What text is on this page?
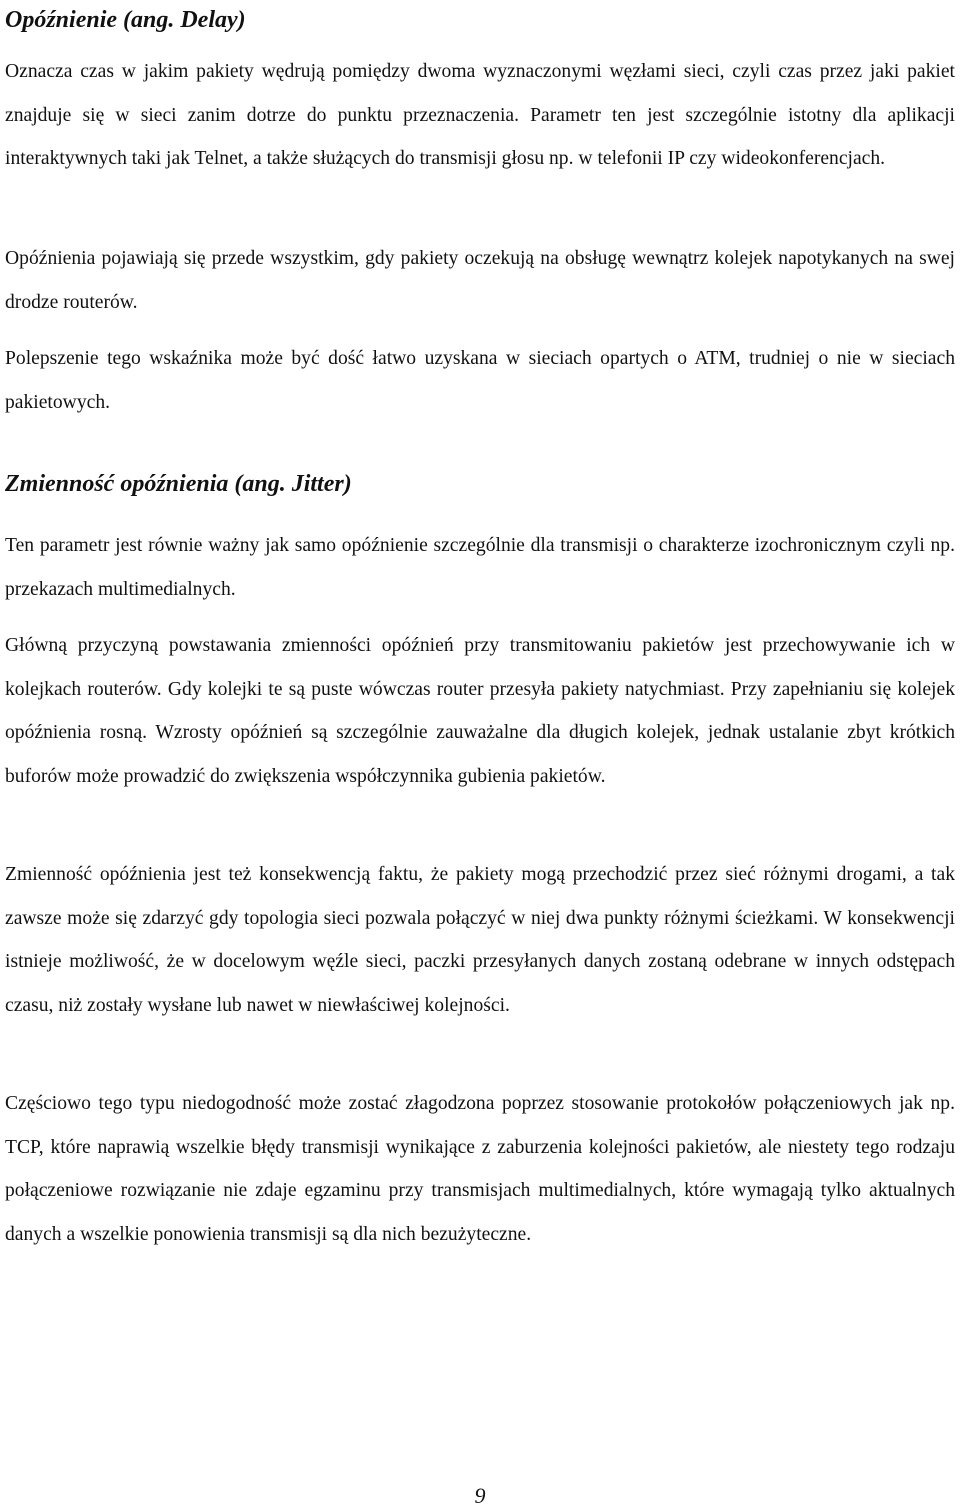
Opóźnienie (ang. Delay)

Oznacza czas w jakim pakiety wędrują pomiędzy dwoma wyznaczonymi węzłami sieci, czyli czas przez jaki pakiet znajduje się w sieci zanim dotrze do punktu przeznaczenia. Parametr ten jest szczególnie istotny dla aplikacji interaktywnych taki jak Telnet, a także służących do transmisji głosu np. w telefonii IP czy wideokonferencjach.

Opóźnienia pojawiają się przede wszystkim, gdy pakiety oczekują na obsługę wewnątrz kolejek napotykanych na swej drodze routerów.

Polepszenie tego wskaźnika może być dość łatwo uzyskana w sieciach opartych o ATM, trudniej o nie w sieciach pakietowych.

Zmienność opóźnienia (ang. Jitter)

Ten parametr jest równie ważny jak samo opóźnienie szczególnie dla transmisji o charakterze izochronicznym czyli np. przekazach multimedialnych.

Główną przyczyną powstawania zmienności opóźnień przy transmitowaniu pakietów jest przechowywanie ich w kolejkach routerów. Gdy kolejki te są puste wówczas router przesyła pakiety natychmiast. Przy zapełnianiu się kolejek opóźnienia rosną. Wzrosty opóźnień są szczególnie zauważalne dla długich kolejek, jednak ustalanie zbyt krótkich buforów może prowadzić do zwiększenia współczynnika gubienia pakietów.

Zmienność opóźnienia jest też konsekwencją faktu, że pakiety mogą przechodzić przez sieć różnymi drogami, a tak zawsze może się zdarzyć gdy topologia sieci pozwala połączyć w niej dwa punkty różnymi ścieżkami. W konsekwencji istnieje możliwość, że w docelowym węźle sieci, paczki przesyłanych danych zostaną odebrane w innych odstępach czasu, niż zostały wysłane lub nawet w niewłaściwej kolejności.

Częściowo tego typu niedogodność może zostać złagodzona poprzez stosowanie protokołów połączeniowych jak np. TCP, które naprawią wszelkie błędy transmisji wynikające z zaburzenia kolejności pakietów, ale niestety tego rodzaju połączeniowe rozwiązanie nie zdaje egzaminu przy transmisjach multimedialnych, które wymagają tylko aktualnych danych a wszelkie ponowienia transmisji są dla nich bezużyteczne.

9
